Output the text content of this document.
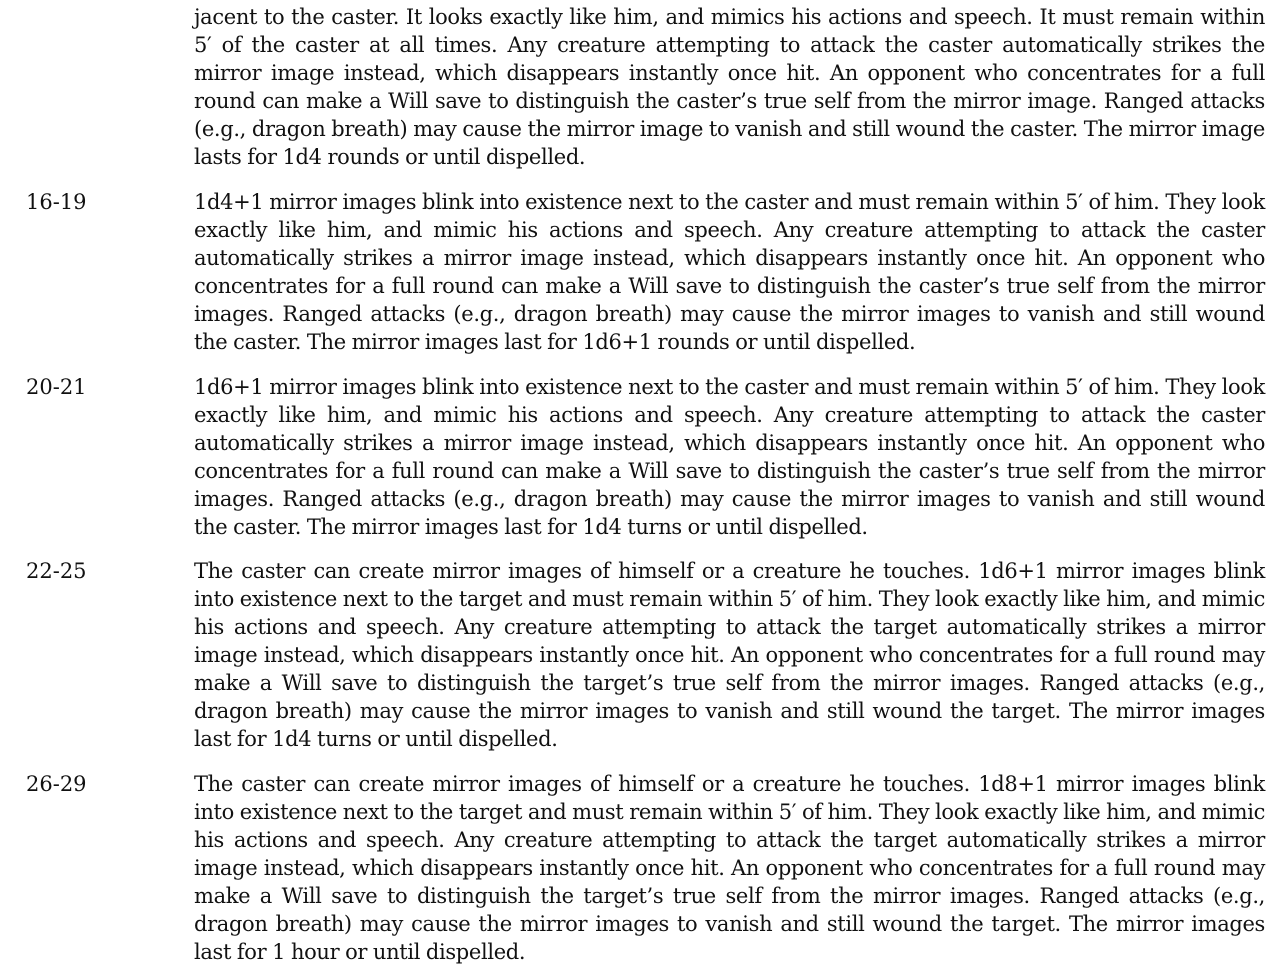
jacent to the caster. It looks exactly like him, and mimics his actions and speech. It must remain within 5′ of the caster at all times. Any creature attempting to attack the caster automatically strikes the mirror image instead, which disappears instantly once hit. An opponent who concentrates for a full round can make a Will save to distinguish the caster’s true self from the mirror image. Ranged attacks (e.g., dragon breath) may cause the mirror image to vanish and still wound the caster. The mirror image lasts for 1d4 rounds or until dispelled.

16-19	1d4+1 mirror images blink into existence next to the caster and must remain within 5′ of him. They look exactly like him, and mimic his actions and speech. Any creature attempting to attack the caster automatically strikes a mirror image instead, which disappears instantly once hit. An opponent who concentrates for a full round can make a Will save to distinguish the caster’s true self from the mirror images. Ranged attacks (e.g., dragon breath) may cause the mirror images to vanish and still wound the caster. The mirror images last for 1d6+1 rounds or until dispelled.

20-21	1d6+1 mirror images blink into existence next to the caster and must remain within 5′ of him. They look exactly like him, and mimic his actions and speech. Any creature attempting to attack the caster automatically strikes a mirror image instead, which disappears instantly once hit. An opponent who concentrates for a full round can make a Will save to distinguish the caster’s true self from the mirror images. Ranged attacks (e.g., dragon breath) may cause the mirror images to vanish and still wound the caster. The mirror images last for 1d4 turns or until dispelled.

22-25	The caster can create mirror images of himself or a creature he touches. 1d6+1 mirror images blink into existence next to the target and must remain within 5′ of him. They look exactly like him, and mimic his actions and speech. Any creature attempting to attack the target automatically strikes a mirror image instead, which disappears instantly once hit. An opponent who concentrates for a full round may make a Will save to distinguish the target’s true self from the mirror images. Ranged attacks (e.g., dragon breath) may cause the mirror images to vanish and still wound the target. The mirror images last for 1d4 turns or until dispelled.

26-29	The caster can create mirror images of himself or a creature he touches. 1d8+1 mirror images blink into existence next to the target and must remain within 5′ of him. They look exactly like him, and mimic his actions and speech. Any creature attempting to attack the target automatically strikes a mirror image instead, which disappears instantly once hit. An opponent who concentrates for a full round may make a Will save to distinguish the target’s true self from the mirror images. Ranged attacks (e.g., dragon breath) may cause the mirror images to vanish and still wound the target. The mirror images last for 1 hour or until dispelled.
